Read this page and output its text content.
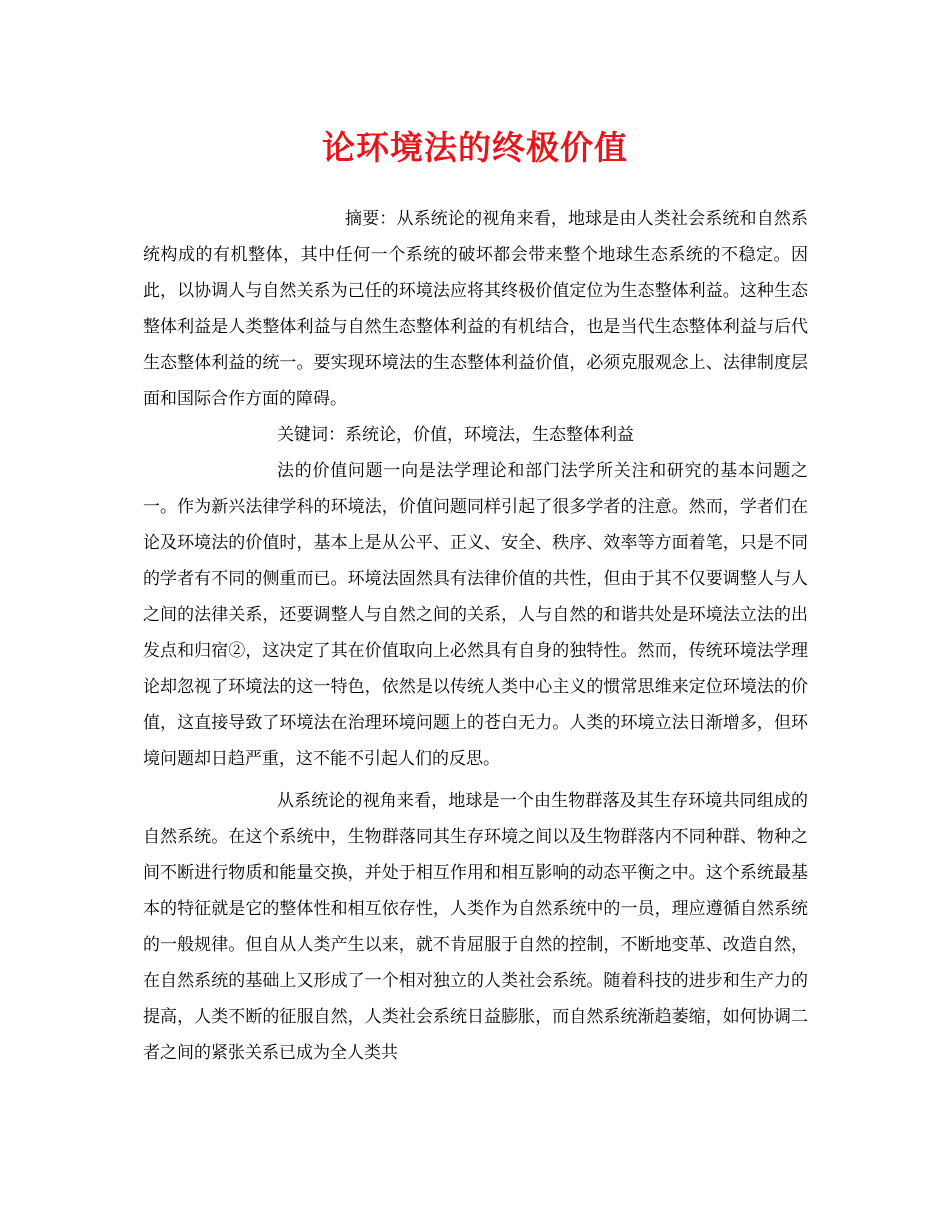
论环境法的终极价值

摘要：从系统论的视角来看，地球是由人类社会系统和自然系统构成的有机整体，其中任何一个系统的破坏都会带来整个地球生态系统的不稳定。因此，以协调人与自然关系为己任的环境法应将其终极价值定位为生态整体利益。这种生态整体利益是人类整体利益与自然生态整体利益的有机结合，也是当代生态整体利益与后代生态整体利益的统一。要实现环境法的生态整体利益价值，必须克服观念上、法律制度层面和国际合作方面的障碍。

关键词：系统论，价值，环境法，生态整体利益

法的价值问题一向是法学理论和部门法学所关注和研究的基本问题之一。作为新兴法律学科的环境法，价值问题同样引起了很多学者的注意。然而，学者们在论及环境法的价值时，基本上是从公平、正义、安全、秩序、效率等方面着笔，只是不同的学者有不同的侧重而已。环境法固然具有法律价值的共性，但由于其不仅要调整人与人之间的法律关系，还要调整人与自然之间的关系，人与自然的和谐共处是环境法立法的出发点和归宿②，这决定了其在价值取向上必然具有自身的独特性。然而，传统环境法学理论却忽视了环境法的这一特色，依然是以传统人类中心主义的惯常思维来定位环境法的价值，这直接导致了环境法在治理环境问题上的苍白无力。人类的环境立法日渐增多，但环境问题却日趋严重，这不能不引起人们的反思。

从系统论的视角来看，地球是一个由生物群落及其生存环境共同组成的自然系统。在这个系统中，生物群落同其生存环境之间以及生物群落内不同种群、物种之间不断进行物质和能量交换，并处于相互作用和相互影响的动态平衡之中。这个系统最基本的特征就是它的整体性和相互依存性，人类作为自然系统中的一员，理应遵循自然系统的一般规律。但自从人类产生以来，就不肯屈服于自然的控制，不断地变革、改造自然，在自然系统的基础上又形成了一个相对独立的人类社会系统。随着科技的进步和生产力的提高，人类不断的征服自然，人类社会系统日益膨胀，而自然系统渐趋萎缩，如何协调二者之间的紧张关系已成为全人类共
